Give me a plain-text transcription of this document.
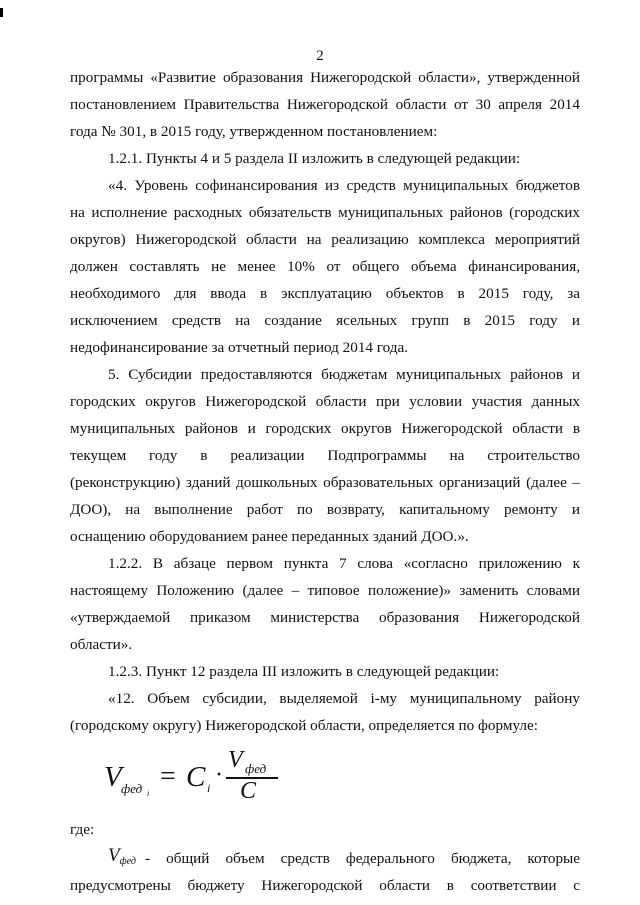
2
программы «Развитие образования Нижегородской области», утвержденной
постановлением Правительства Нижегородской области от 30 апреля 2014
года № 301, в 2015 году, утвержденном постановлением:
1.2.1. Пункты 4 и 5 раздела II изложить в следующей редакции:
«4. Уровень софинансирования из средств муниципальных бюджетов
на исполнение расходных обязательств муниципальных районов (городских
округов) Нижегородской области на реализацию комплекса мероприятий
должен составлять не менее 10% от общего объема финансирования,
необходимого для ввода в эксплуатацию объектов в 2015 году, за
исключением средств на создание ясельных групп в 2015 году и
недофинансирование за отчетный период 2014 года.
5. Субсидии предоставляются бюджетам муниципальных районов и
городских округов Нижегородской области при условии участия данных
муниципальных районов и городских округов Нижегородской области в
текущем году в реализации Подпрограммы на строительство
(реконструкцию) зданий дошкольных образовательных организаций (далее –
ДОО), на выполнение работ по возврату, капитальному ремонту и
оснащению оборудованием ранее переданных зданий ДОО.».
1.2.2. В абзаце первом пункта 7 слова «согласно приложению к
настоящему Положению (далее – типовое положение)» заменить словами
«утверждаемой приказом министерства образования Нижегородской
области».
1.2.3. Пункт 12 раздела III изложить в следующей редакции:
«12. Объем субсидии, выделяемой i-му муниципальному району
(городскому округу) Нижегородской области, определяется по формуле:
V фед i
= C i ·
V фед
C
где:
Vфед - общий объем средств федерального бюджета, которые
предусмотрены бюджету Нижегородской области в соответствии с
